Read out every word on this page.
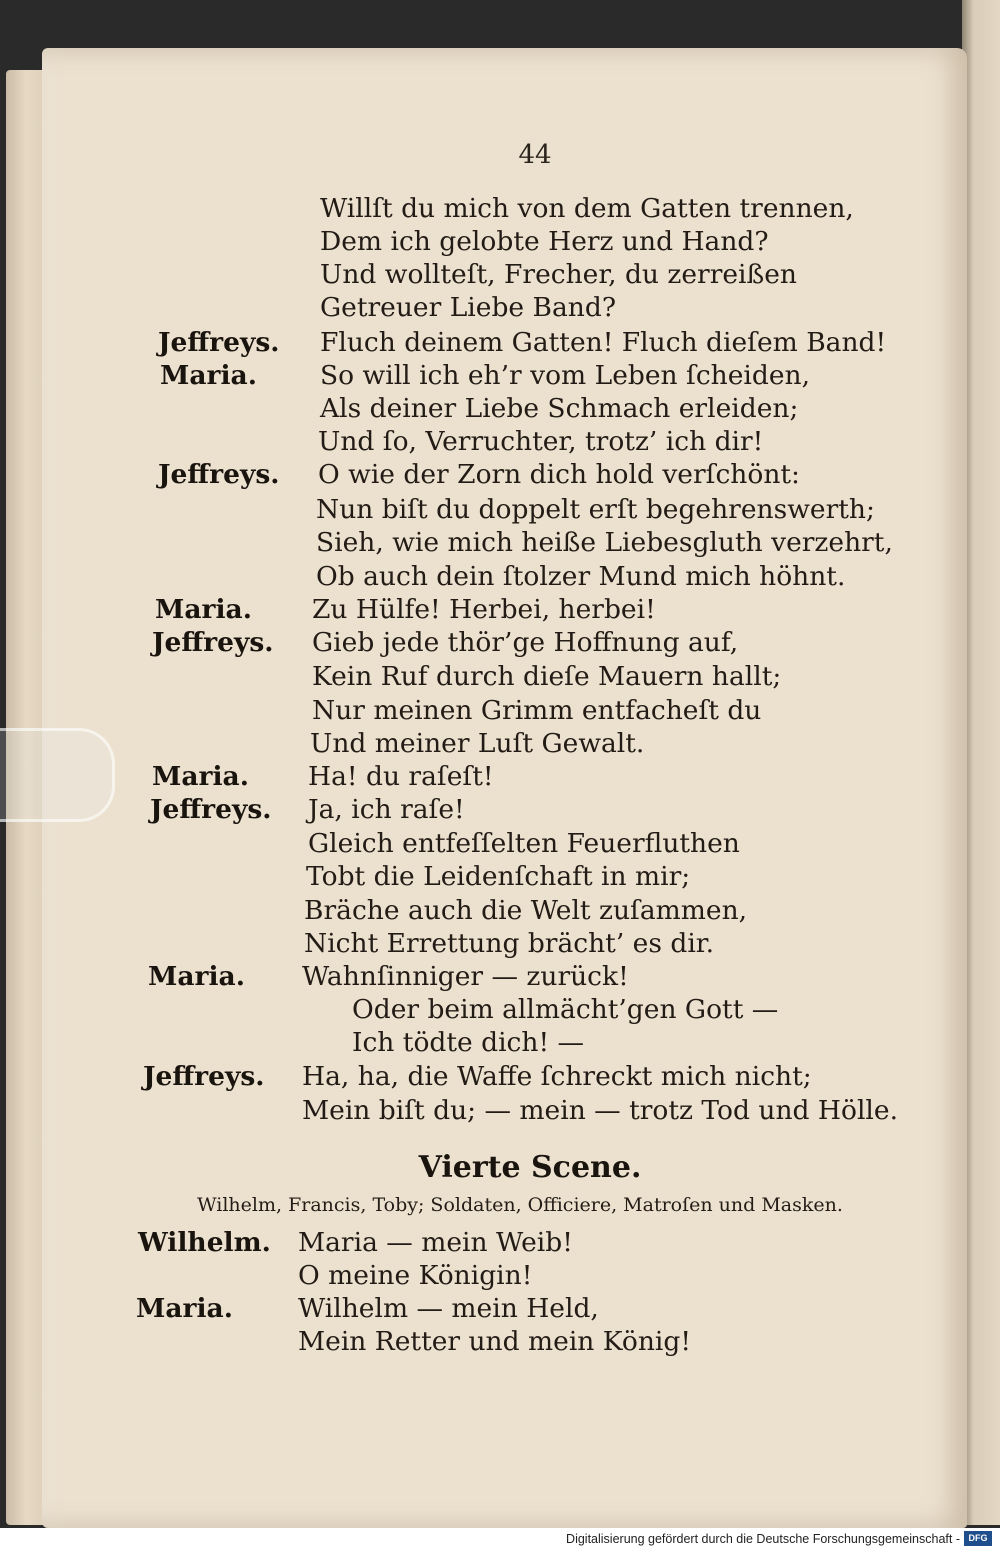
44
Willſt du mich von dem Gatten trennen,
Dem ich gelobte Herz und Hand?
Und wollteſt, Frecher, du zerreißen
Getreuer Liebe Band?
Jeffreys. Fluch deinem Gatten! Fluch dieſem Band!
Maria. So will ich eh’r vom Leben ſcheiden,
Als deiner Liebe Schmach erleiden;
Und ſo, Verruchter, trotz’ ich dir!
Jeffreys. O wie der Zorn dich hold verſchönt:
Nun biſt du doppelt erſt begehrenswerth;
Sieh, wie mich heiße Liebesgluth verzehrt,
Ob auch dein ſtolzer Mund mich höhnt.
Maria. Zu Hülfe! Herbei, herbei!
Jeffreys. Gieb jede thör’ge Hoffnung auf,
Kein Ruf durch dieſe Mauern hallt;
Nur meinen Grimm entfacheſt du
Und meiner Luſt Gewalt.
Maria. Ha! du raſeſt!
Jeffreys. Ja, ich raſe!
Gleich entfeſſelten Feuerfluthen
Tobt die Leidenſchaft in mir;
Bräche auch die Welt zuſammen,
Nicht Errettung brächt’ es dir.
Maria. Wahnſinniger — zurück!
Oder beim allmächt’gen Gott —
Ich tödte dich! —
Jeffreys. Ha, ha, die Waffe ſchreckt mich nicht;
Mein biſt du; — mein — trotz Tod und Hölle.
Vierte Scene.
Wilhelm, Francis, Toby; Soldaten, Officiere, Matroſen und Masken.
Wilhelm. Maria — mein Weib!
O meine Königin!
Maria. Wilhelm — mein Held,
Mein Retter und mein König!
Digitalisierung gefördert durch die Deutsche Forschungsgemeinschaft - DFG
